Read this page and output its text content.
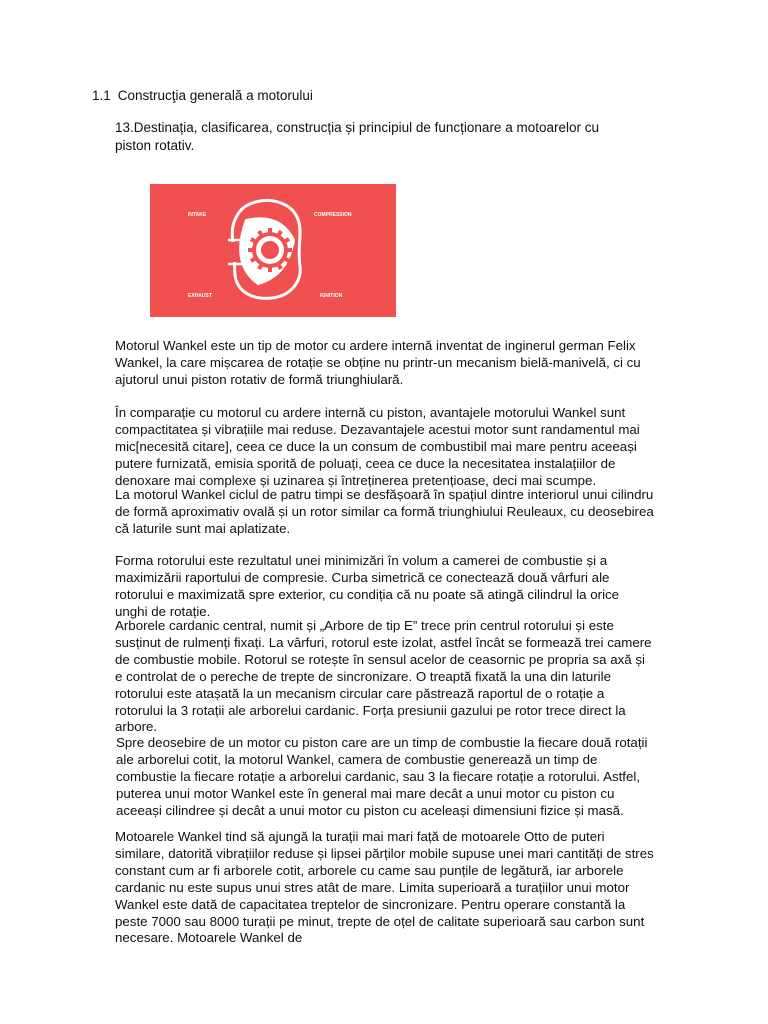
1.1 Construcţia generală a motorului
13.Destinația, clasificarea, construcția și principiul de funcționare a motoarelor cu piston rotativ.
INTAKE	COMPRESSION
EXHAUST	IGNITION

Motorul Wankel este un tip de motor cu ardere internă inventat de inginerul german Felix Wankel, la care mișcarea de rotație se obține nu printr-un mecanism bielă-manivelă, ci cu ajutorul unui piston rotativ de formă triunghiulară.

În comparație cu motorul cu ardere internă cu piston, avantajele motorului Wankel sunt compactitatea și vibrațiile mai reduse. Dezavantajele acestui motor sunt randamentul mai mic[necesită citare], ceea ce duce la un consum de combustibil mai mare pentru aceeași putere furnizată, emisia sporită de poluați, ceea ce duce la necesitatea instalațiilor de denoxare mai complexe și uzinarea și întreținerea pretențioase, deci mai scumpe.

La motorul Wankel ciclul de patru timpi se desfășoară în spațiul dintre interiorul unui cilindru de formă aproximativ ovală și un rotor similar ca formă triunghiului Reuleaux, cu deosebirea că laturile sunt mai aplatizate.

Forma rotorului este rezultatul unei minimizări în volum a camerei de combustie și a maximizării raportului de compresie. Curba simetrică ce conectează două vârfuri ale rotorului e maximizată spre exterior, cu condiția că nu poate să atingă cilindrul la orice unghi de rotație.

Arborele cardanic central, numit și „Arbore de tip E” trece prin centrul rotorului și este susținut de rulmenți fixați. La vârfuri, rotorul este izolat, astfel încât se formează trei camere de combustie mobile. Rotorul se rotește în sensul acelor de ceasornic pe propria sa axă și e controlat de o pereche de trepte de sincronizare. O treaptă fixată la una din laturile rotorului este atașată la un mecanism circular care păstrează raportul de o rotație a rotorului la 3 rotații ale arborelui cardanic. Forța presiunii gazului pe rotor trece direct la arbore.

Spre deosebire de un motor cu piston care are un timp de combustie la fiecare două rotații ale arborelui cotit, la motorul Wankel, camera de combustie generează un timp de combustie la fiecare rotație a arborelui cardanic, sau 3 la fiecare rotație a rotorului. Astfel, puterea unui motor Wankel este în general mai mare decât a unui motor cu piston cu aceeași cilindree și decât a unui motor cu piston cu aceleași dimensiuni fizice și masă.

Motoarele Wankel tind să ajungă la turații mai mari față de motoarele Otto de puteri similare, datorită vibrațiilor reduse și lipsei părților mobile supuse unei mari cantități de stres constant cum ar fi arborele cotit, arborele cu came sau punțile de legătură, iar arborele cardanic nu este supus unui stres atât de mare. Limita superioară a turațiilor unui motor Wankel este dată de capacitatea treptelor de sincronizare. Pentru operare constantă la peste 7000 sau 8000 turații pe minut, trepte de oțel de calitate superioară sau carbon sunt necesare. Motoarele Wankel de
